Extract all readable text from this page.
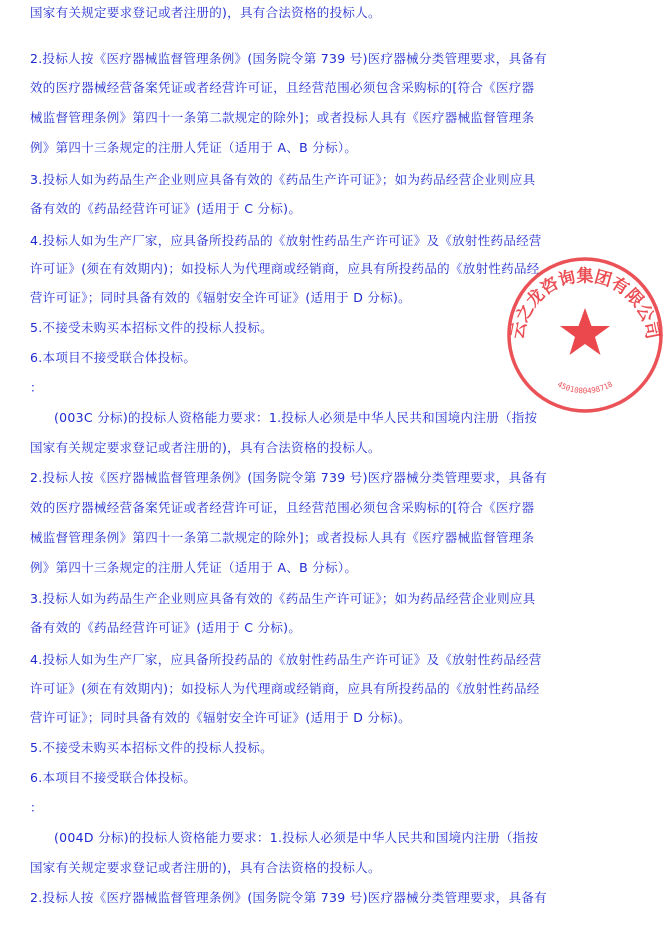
国家有关规定要求登记或者注册的)，具有合法资格的投标人。
2.投标人按《医疗器械监督管理条例》(国务院令第 739 号)医疗器械分类管理要求，具备有
效的医疗器械经营备案凭证或者经营许可证，且经营范围必须包含采购标的[符合《医疗器
械监督管理条例》第四十一条第二款规定的除外]；或者投标人具有《医疗器械监督管理条
例》第四十三条规定的注册人凭证（适用于 A、B 分标）。
3.投标人如为药品生产企业则应具备有效的《药品生产许可证》；如为药品经营企业则应具
备有效的《药品经营许可证》(适用于 C 分标)。
4.投标人如为生产厂家，应具备所投药品的《放射性药品生产许可证》及《放射性药品经营
许可证》(须在有效期内)；如投标人为代理商或经销商，应具有所投药品的《放射性药品经
营许可证》；同时具备有效的《辐射安全许可证》(适用于 D 分标)。
5.不接受未购买本招标文件的投标人投标。
6.本项目不接受联合体投标。
：
(003C 分标)的投标人资格能力要求：1.投标人必须是中华人民共和国境内注册（指按
国家有关规定要求登记或者注册的)，具有合法资格的投标人。
2.投标人按《医疗器械监督管理条例》(国务院令第 739 号)医疗器械分类管理要求，具备有
效的医疗器械经营备案凭证或者经营许可证，且经营范围必须包含采购标的[符合《医疗器
械监督管理条例》第四十一条第二款规定的除外]；或者投标人具有《医疗器械监督管理条
例》第四十三条规定的注册人凭证（适用于 A、B 分标）。
3.投标人如为药品生产企业则应具备有效的《药品生产许可证》；如为药品经营企业则应具
备有效的《药品经营许可证》(适用于 C 分标)。
4.投标人如为生产厂家，应具备所投药品的《放射性药品生产许可证》及《放射性药品经营
许可证》(须在有效期内)；如投标人为代理商或经销商，应具有所投药品的《放射性药品经
营许可证》；同时具备有效的《辐射安全许可证》(适用于 D 分标)。
5.不接受未购买本招标文件的投标人投标。
6.本项目不接受联合体投标。
：
(004D 分标)的投标人资格能力要求：1.投标人必须是中华人民共和国境内注册（指按
国家有关规定要求登记或者注册的)，具有合法资格的投标人。
2.投标人按《医疗器械监督管理条例》(国务院令第 739 号)医疗器械分类管理要求，具备有
云之龙咨询集团有限公司
4501080498718
